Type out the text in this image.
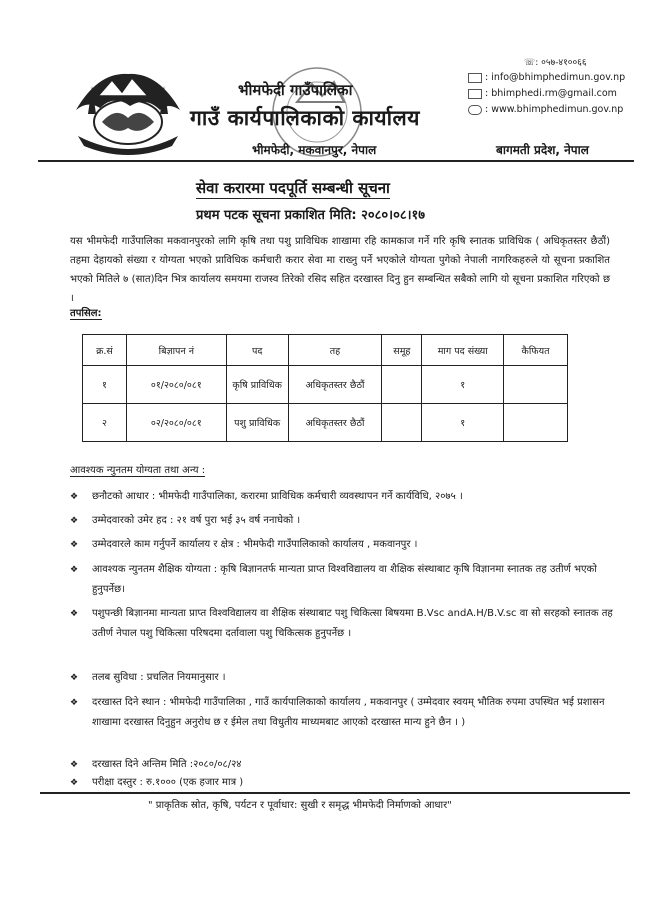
भीमफेदी गाउँपालिका
गाउँ कार्यपालिकाको कार्यालय
भीमफेदी, मकवानपुर, नेपाल
☏: ०५७-४१००६६
: info@bhimphedimun.gov.np
: bhimphedi.rm@gmail.com
: www.bhimphedimun.gov.np
बागमती प्रदेश, नेपाल
सेवा करारमा पदपूर्ति सम्बन्धी सूचना
प्रथम पटक सूचना प्रकाशित मिति: २०८०।०८।१७
यस भीमफेदी गाउँपालिका मकवानपुरको लागि कृषि तथा पशु प्राविधिक शाखामा रहि कामकाज गर्ने गरि कृषि स्नातक प्राविधिक ( अधिकृतस्तर छैठौं) तहमा देहायको संख्या र योग्यता भएको प्राविधिक कर्मचारी करार सेवा मा राख्नु पर्ने भएकोले योग्यता पुगेको नेपाली नागरिकहरुले यो सूचना प्रकाशित भएको मितिले ७ (सात)दिन भित्र कार्यालय समयमा राजस्व तिरेको रसिद सहित दरखास्त दिनु हुन सम्बन्धित सबैको लागि यो सूचना प्रकाशित गरिएको छ ।
तपसिल:
क्र.सं	बिज्ञापन नं	पद	तह	समूह	माग पद संख्या	कैफियत
१	०१/२०८०/०८१	कृषि प्राविधिक	अधिकृतस्तर छैठौं		१	
२	०२/२०८०/०८१	पशु प्राविधिक	अधिकृतस्तर छैठौं		१	
आवश्यक न्युनतम योग्यता तथा अन्य :
❖ छनौटको आधार : भीमफेदी गाउँपालिका, करारमा प्राविधिक कर्मचारी व्यवस्थापन गर्ने कार्यविधि, २०७५ ।
❖ उम्मेदवारको उमेर हद : २१ वर्ष पुरा भई ३५ वर्ष ननाघेको ।
❖ उम्मेदवारले काम गर्नुपर्ने कार्यालय र क्षेत्र : भीमफेदी गाउँपालिकाको कार्यालय , मकवानपुर ।
❖ आवश्यक न्युनतम शैक्षिक योग्यता : कृषि बिज्ञानतर्फ मान्यता प्राप्त विश्वविद्यालय वा शैक्षिक संस्थाबाट कृषि विज्ञानमा स्नातक तह उतीर्ण भएको हुनुपर्नेछ।
❖ पशुपन्छी बिज्ञानमा मान्यता प्राप्त विश्वविद्यालय वा शैक्षिक संस्थाबाट पशु चिकित्सा बिषयमा B.Vsc andA.H/B.V.sc वा सो सरहको स्नातक तह उतीर्ण नेपाल पशु चिकित्सा परिषदमा दर्तावाला पशु चिकित्सक हुनुपर्नेछ ।
❖ तलब सुविधा : प्रचलित नियमानुसार ।
❖ दरखास्त दिने स्थान : भीमफेदी गाउँपालिका , गाउँ कार्यपालिकाको कार्यालय , मकवानपुर ( उम्मेदवार स्वयम् भौतिक रुपमा उपस्थित भई प्रशासन शाखामा दरखास्त दिनुहुन अनुरोध छ र ईमेल तथा विधुतीय माध्यमबाट आएको दरखास्त मान्य हुने छैन । )
❖ दरखास्त दिने अन्तिम मिति :२०८०/०८/२४
❖ परीक्षा दस्तुर : रु.१००० (एक हजार मात्र )
" प्राकृतिक स्रोत, कृषि, पर्यटन र पूर्वाधार: सुखी र समृद्ध भीमफेदी निर्माणको आधार"
